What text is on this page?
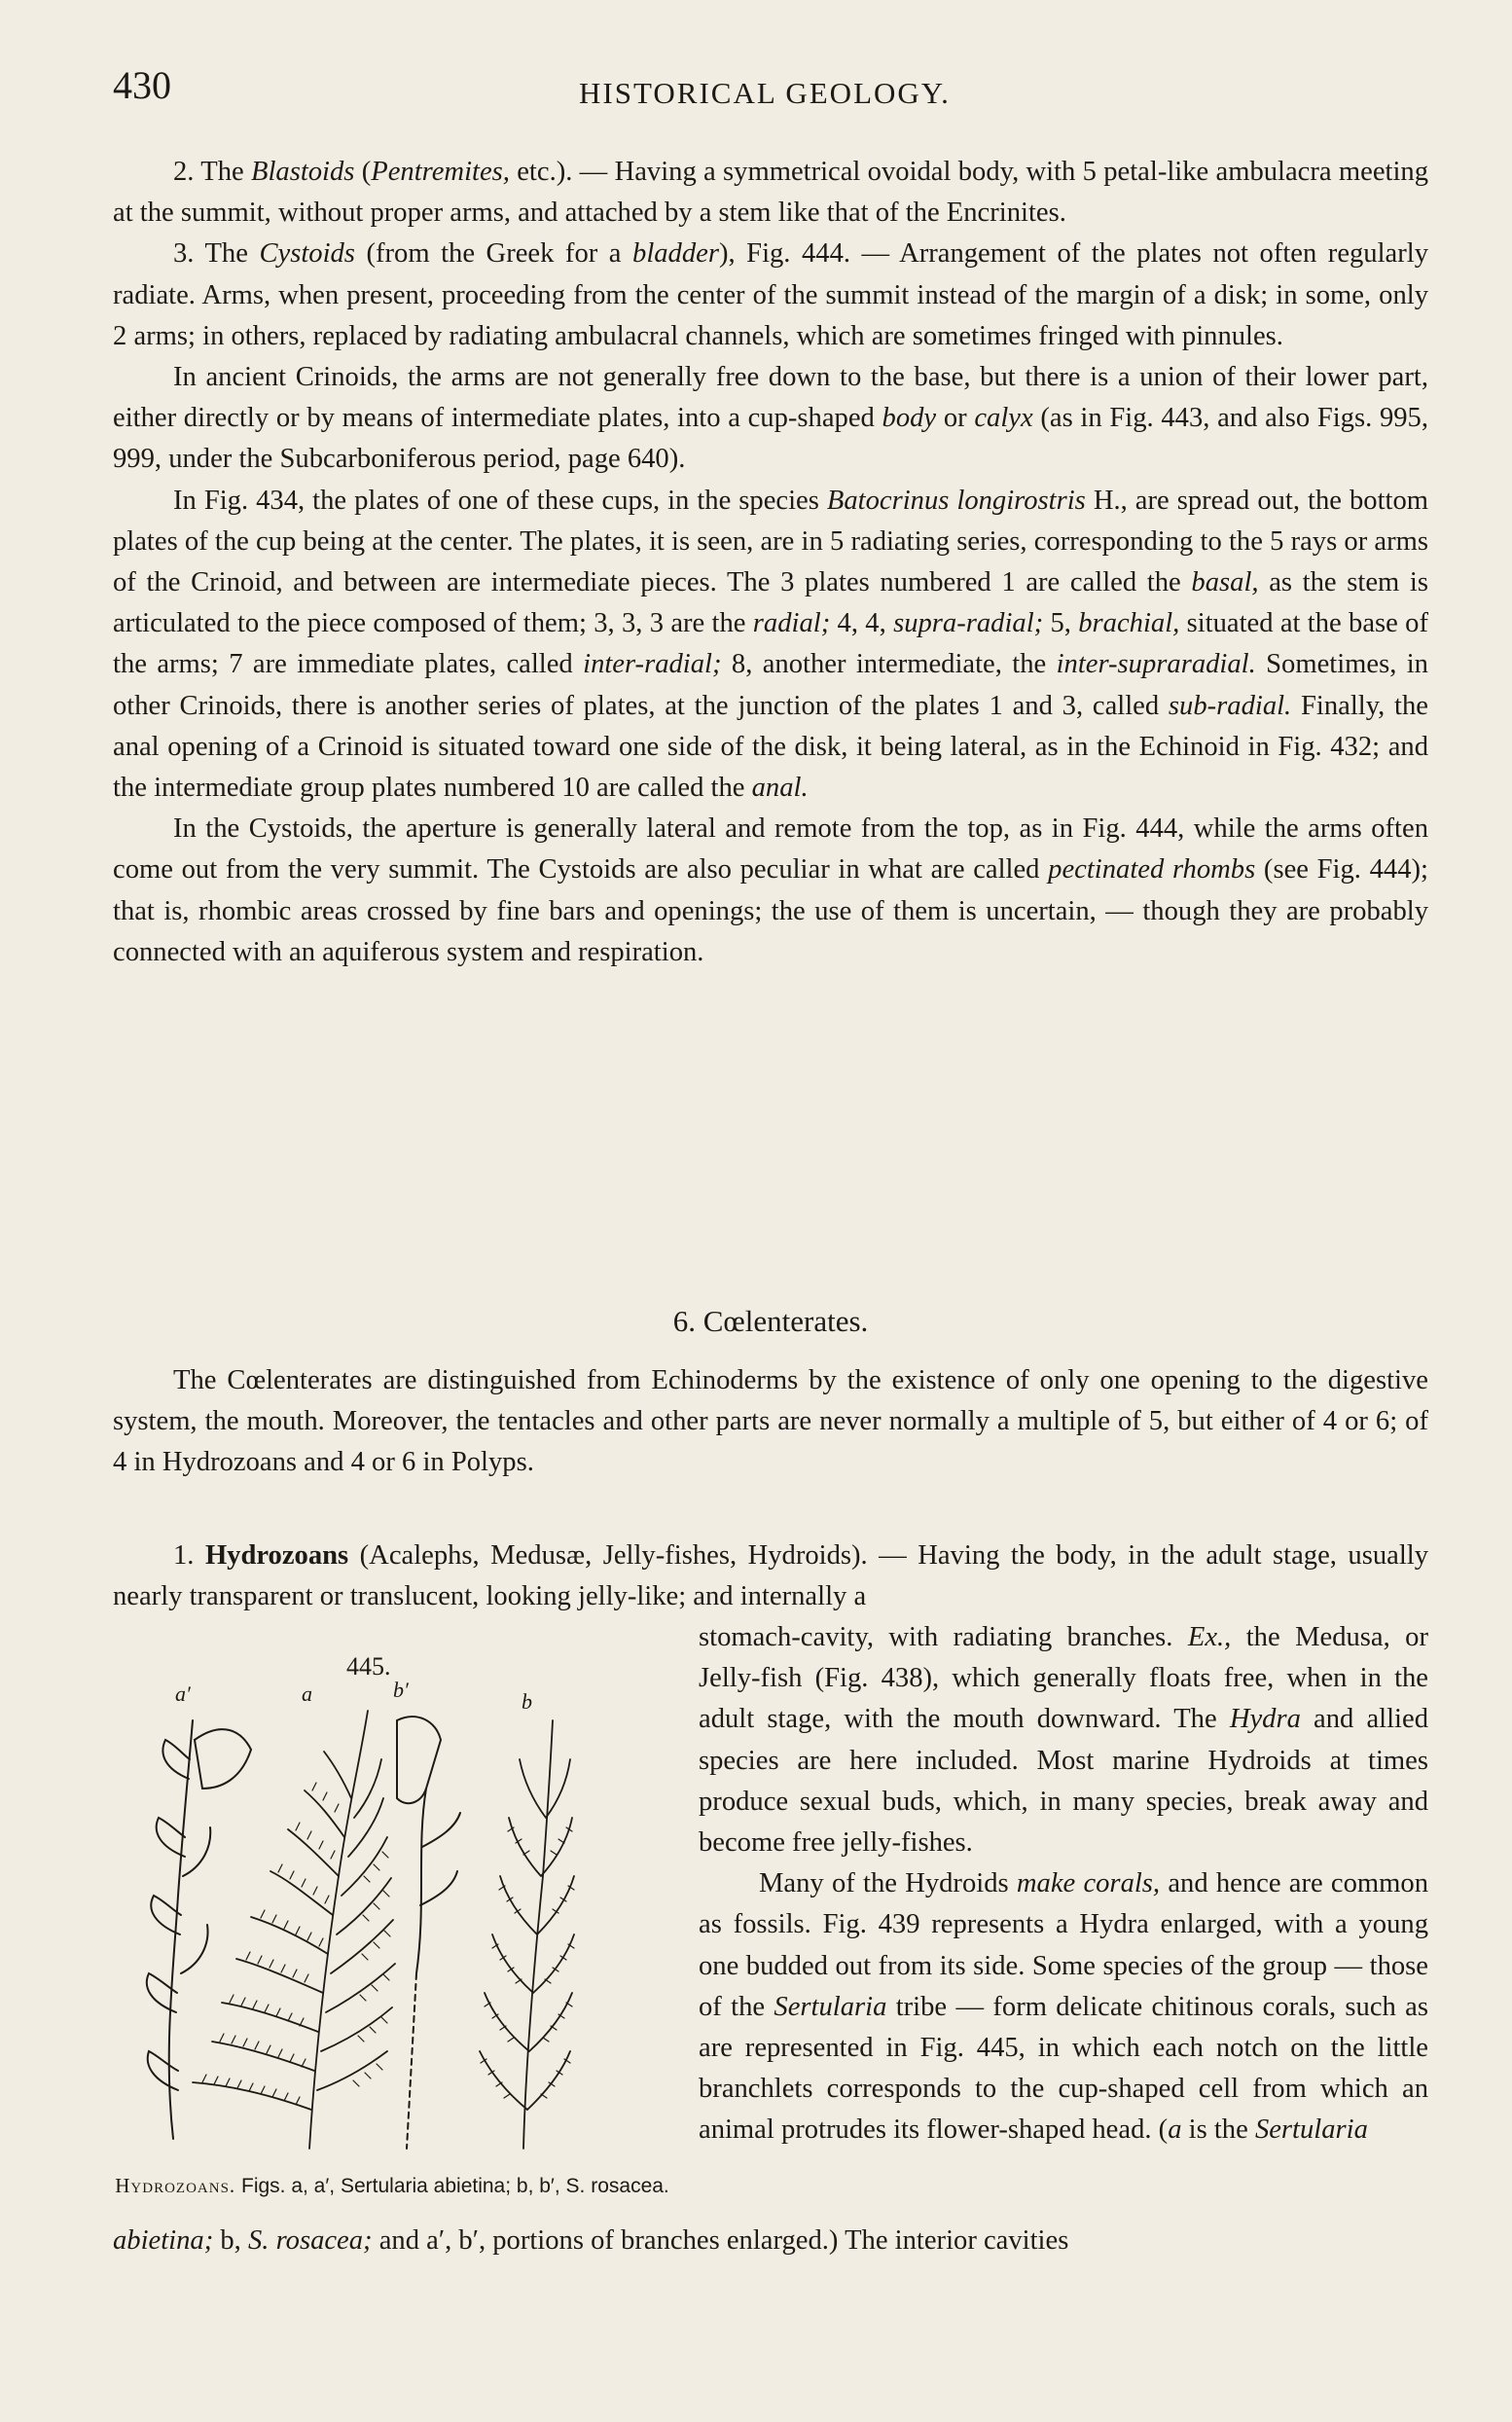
430	HISTORICAL GEOLOGY.

2. The Blastoids (Pentremites, etc.). — Having a symmetrical ovoidal body, with 5 petal-like ambulacra meeting at the summit, without proper arms, and attached by a stem like that of the Encrinites.

3. The Cystoids (from the Greek for a bladder), Fig. 444. — Arrangement of the plates not often regularly radiate. Arms, when present, proceeding from the center of the summit instead of the margin of a disk; in some, only 2 arms; in others, replaced by radiating ambulacral channels, which are sometimes fringed with pinnules.

In ancient Crinoids, the arms are not generally free down to the base, but there is a union of their lower part, either directly or by means of intermediate plates, into a cup-shaped body or calyx (as in Fig. 443, and also Figs. 995, 999, under the Subcarboniferous period, page 640).

In Fig. 434, the plates of one of these cups, in the species Batocrinus longirostris H., are spread out, the bottom plates of the cup being at the center. The plates, it is seen, are in 5 radiating series, corresponding to the 5 rays or arms of the Crinoid, and between are intermediate pieces. The 3 plates numbered 1 are called the basal, as the stem is articulated to the piece composed of them; 3, 3, 3 are the radial; 4, 4, supra-radial; 5, brachial, situated at the base of the arms; 7 are immediate plates, called inter-radial; 8, another intermediate, the inter-supraradial. Sometimes, in other Crinoids, there is another series of plates, at the junction of the plates 1 and 3, called sub-radial. Finally, the anal opening of a Crinoid is situated toward one side of the disk, it being lateral, as in the Echinoid in Fig. 432; and the intermediate group plates numbered 10 are called the anal.

In the Cystoids, the aperture is generally lateral and remote from the top, as in Fig. 444, while the arms often come out from the very summit. The Cystoids are also peculiar in what are called pectinated rhombs (see Fig. 444); that is, rhombic areas crossed by fine bars and openings; the use of them is uncertain, — though they are probably connected with an aquiferous system and respiration.

6. Cœlenterates.

The Cœlenterates are distinguished from Echinoderms by the existence of only one opening to the digestive system, the mouth. Moreover, the tentacles and other parts are never normally a multiple of 5, but either of 4 or 6; of 4 in Hydrozoans and 4 or 6 in Polyps.

1. Hydrozoans (Acalephs, Medusæ, Jelly-fishes, Hydroids). — Having the body, in the adult stage, usually nearly transparent or translucent, looking jelly-like; and internally a

stomach-cavity, with radiating branches. Ex., the Medusa, or Jelly-fish (Fig. 438), which generally floats free, when in the adult stage, with the mouth downward. The Hydra and allied species are here included. Most marine Hydroids at times produce sexual buds, which, in many species, break away and become free jelly-fishes.

Many of the Hydroids make corals, and hence are common as fossils. Fig. 439 represents a Hydra enlarged, with a young one budded out from its side. Some species of the group — those of the Sertularia tribe — form delicate chitinous corals, such as are represented in Fig. 445, in which each notch on the little branchlets corresponds to the cup-shaped cell from which an animal protrudes its flower-shaped head. (a is the Sertularia

445.
a′	a	b′	b
Hydrozoans. Figs. a, a′, Sertularia abietina; b, b′, S. rosacea.

abietina; b, S. rosacea; and a′, b′, portions of branches enlarged.) The interior cavities
